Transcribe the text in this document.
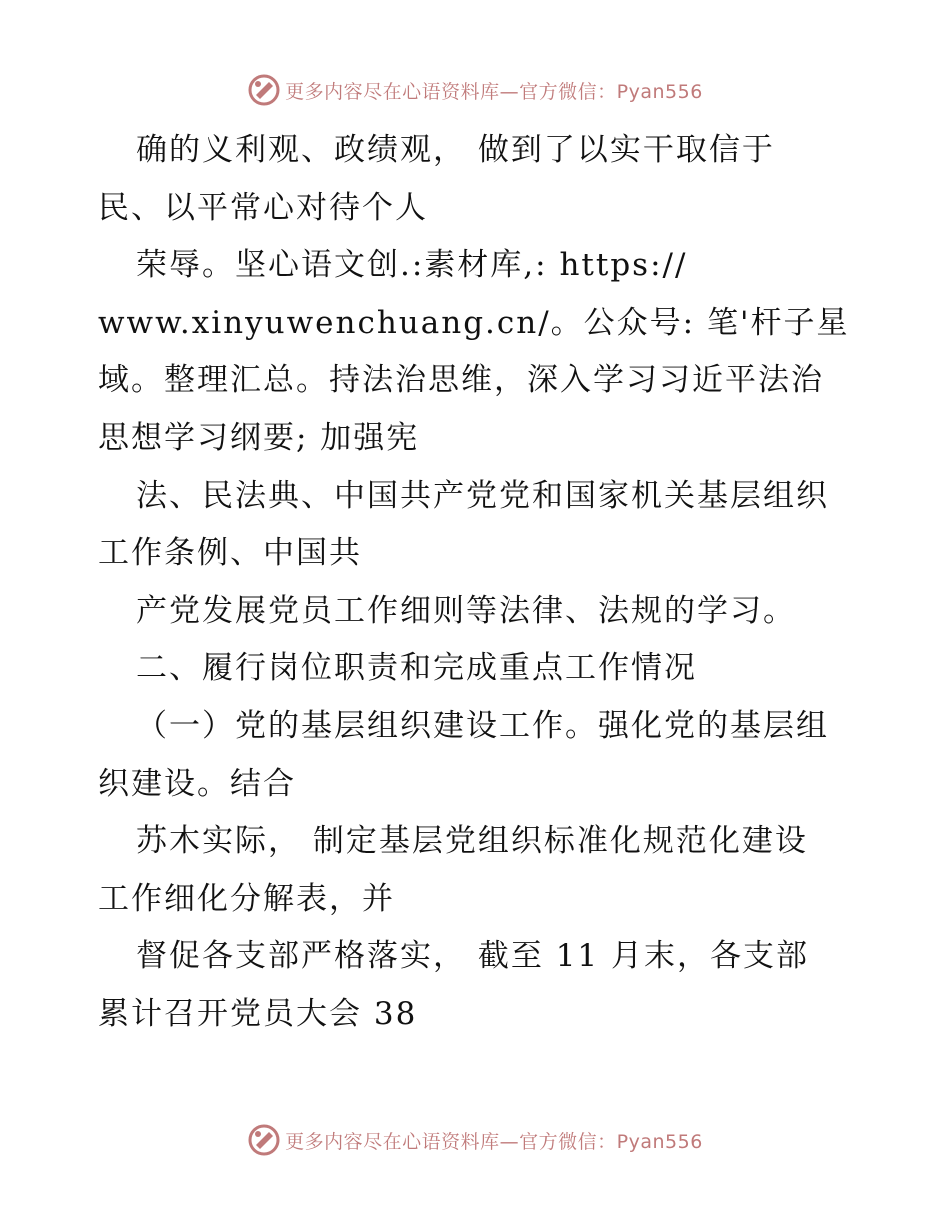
更多内容尽在心语资料库—官方微信：Pyan556
确的义利观、政绩观， 做到了以实干取信于
民、以平常心对待个人
荣辱。坚心语文创.:素材库,: https://
www.xinyuwenchuang.cn/。公众号: 笔'杆子星
域。整理汇总。持法治思维，深入学习习近平法治
思想学习纲要; 加强宪
法、民法典、中国共产党党和国家机关基层组织
工作条例、中国共
产党发展党员工作细则等法律、法规的学习。
二、履行岗位职责和完成重点工作情况
（一）党的基层组织建设工作。强化党的基层组
织建设。结合
苏木实际， 制定基层党组织标准化规范化建设
工作细化分解表，并
督促各支部严格落实， 截至 11 月末，各支部
累计召开党员大会 38
更多内容尽在心语资料库—官方微信：Pyan556
